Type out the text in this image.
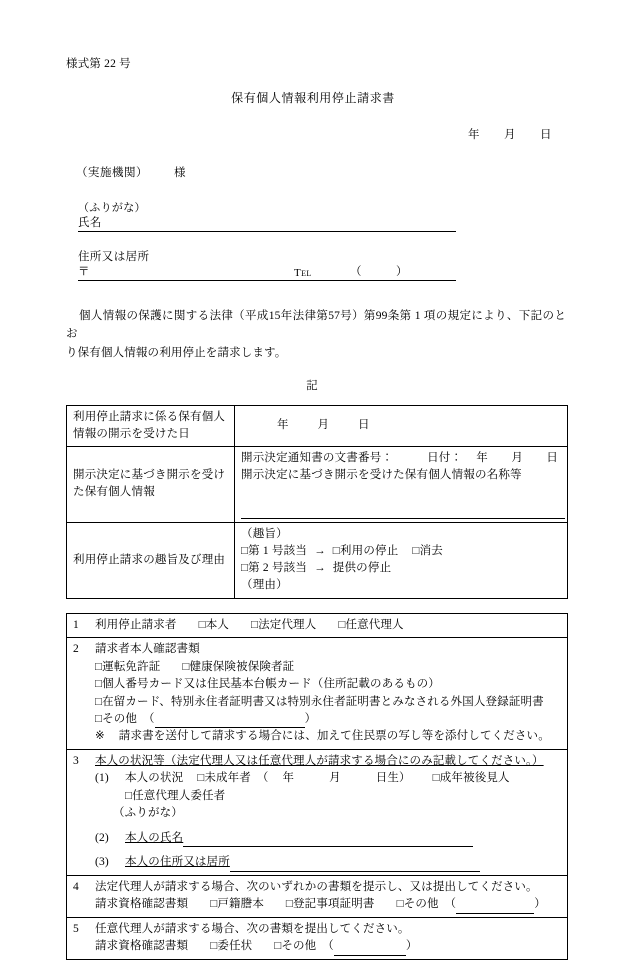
様式第 22 号
保有個人情報利用停止請求書
年　　月　　日
（実施機関） 様
（ふりがな）
氏名
住所又は居所
〒	Tel	（	）
個人情報の保護に関する法律（平成15年法律第57号）第99条第 1 項の規定により、下記のとお
り保有個人情報の利用停止を請求します。
記
利用停止請求に係る保有個人情報の開示を受けた日	年　　月　　日

開示決定に基づき開示を受けた保有個人情報	開示決定通知書の文書番号： 日付： 年　　月　　日
開示決定に基づき開示を受けた保有個人情報の名称等

利用停止請求の趣旨及び理由	（趣旨）
□第 1 号該当 → □利用の停止 □消去
□第 2 号該当 → 提供の停止
（理由）
1 利用停止請求者 □本人 □法定代理人 □任意代理人

2 請求者本人確認書類
□運転免許証 □健康保険被保険者証
□個人番号カード又は住民基本台帳カード（住所記載のあるもの）
□在留カード、特別永住者証明書又は特別永住者証明書とみなされる外国人登録証明書
□その他　（	）
※ 請求書を送付して請求する場合には、加えて住民票の写し等を添付してください。

3 本人の状況等（法定代理人又は任意代理人が請求する場合にのみ記載してください。）
(1) 本人の状況 □未成年者　（ 年　　　月　　　日生） □成年被後見人
□任意代理人委任者
（ふりがな）
(2) 本人の氏名
(3) 本人の住所又は居所

4 法定代理人が請求する場合、次のいずれかの書類を提示し、又は提出してください。
請求資格確認書類 □戸籍謄本 □登記事項証明書 □その他　（	）

5 任意代理人が請求する場合、次の書類を提出してください。
請求資格確認書類 □委任状 □その他　（	）
